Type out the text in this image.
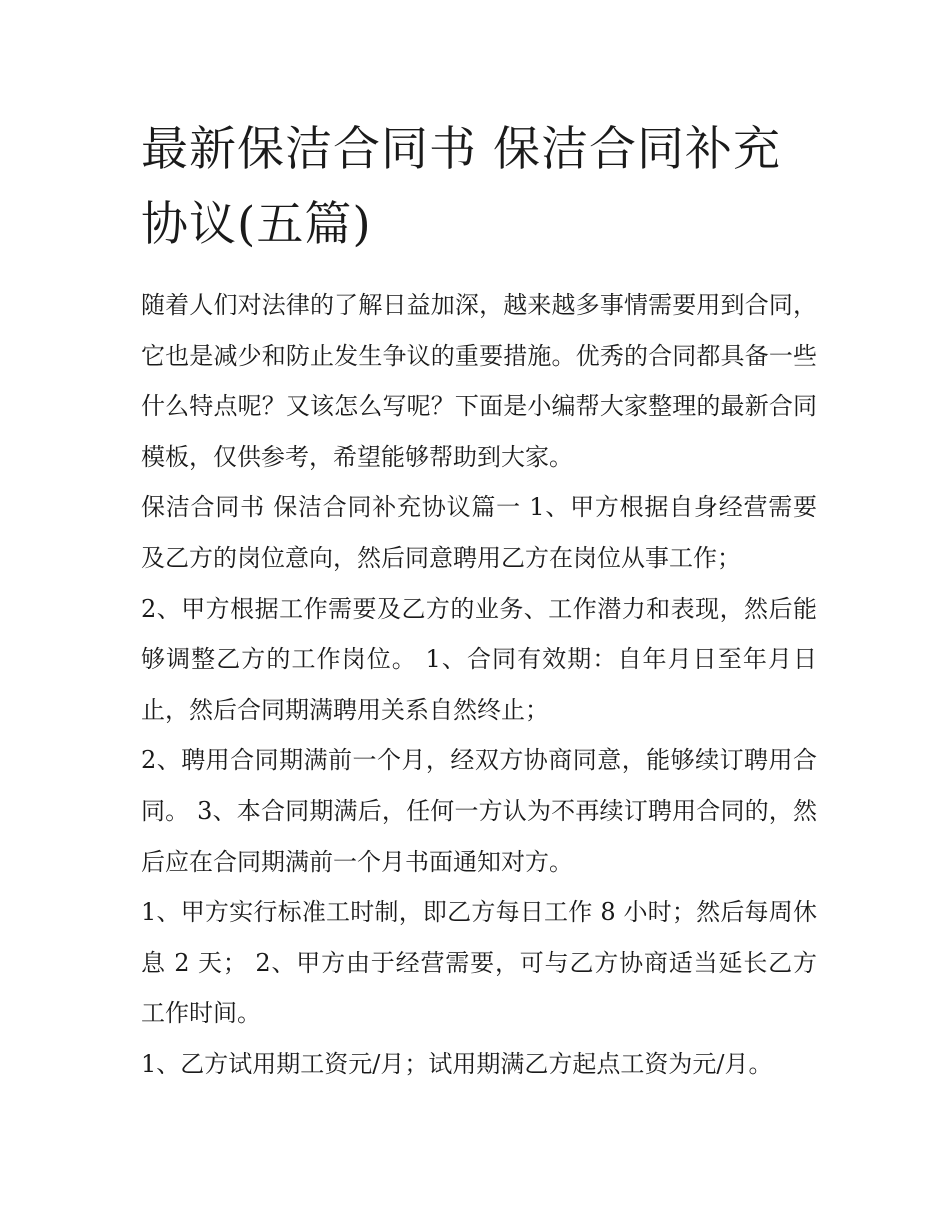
最新保洁合同书 保洁合同补充协议(五篇)

随着人们对法律的了解日益加深，越来越多事情需要用到合同，它也是减少和防止发生争议的重要措施。优秀的合同都具备一些什么特点呢？又该怎么写呢？下面是小编帮大家整理的最新合同模板，仅供参考，希望能够帮助到大家。

保洁合同书 保洁合同补充协议篇一 1、甲方根据自身经营需要及乙方的岗位意向，然后同意聘用乙方在岗位从事工作；

2、甲方根据工作需要及乙方的业务、工作潜力和表现，然后能够调整乙方的工作岗位。 1、合同有效期：自年月日至年月日止，然后合同期满聘用关系自然终止；

2、聘用合同期满前一个月，经双方协商同意，能够续订聘用合同。 3、本合同期满后，任何一方认为不再续订聘用合同的，然后应在合同期满前一个月书面通知对方。

1、甲方实行标准工时制，即乙方每日工作 8 小时；然后每周休息 2 天； 2、甲方由于经营需要，可与乙方协商适当延长乙方工作时间。

1、乙方试用期工资元/月；试用期满乙方起点工资为元/月。
